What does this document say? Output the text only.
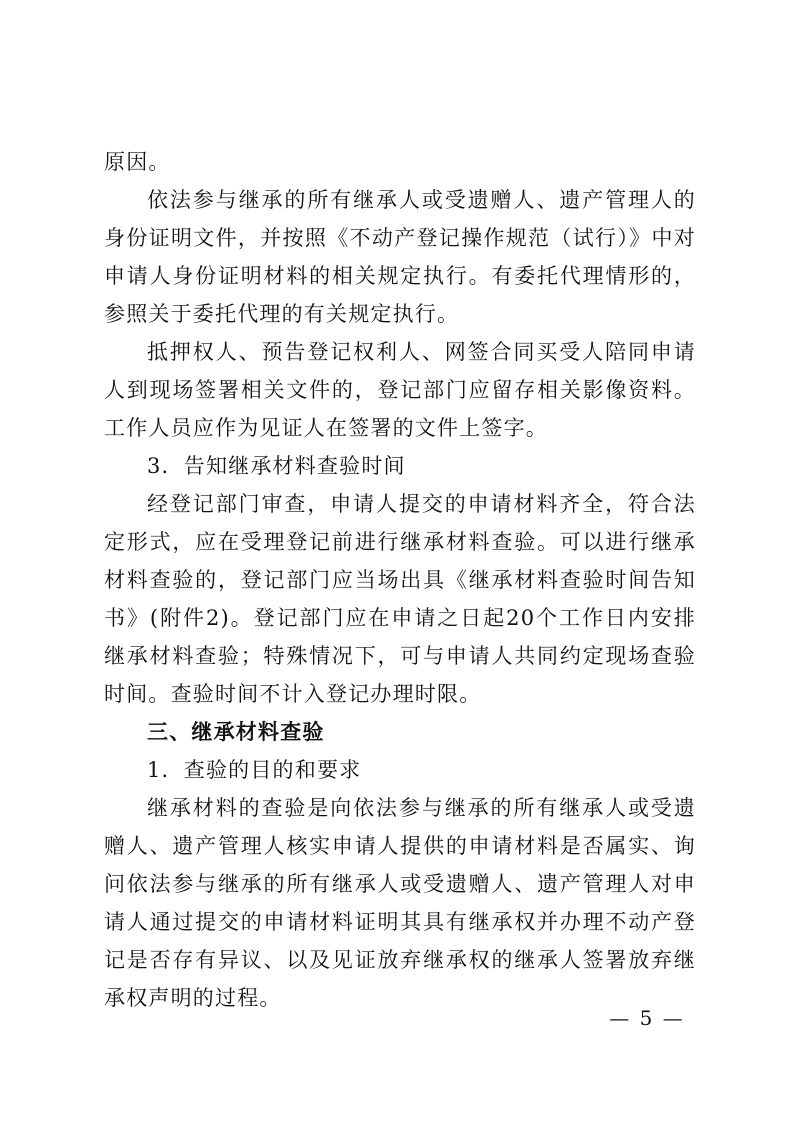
原因。

依法参与继承的所有继承人或受遗赠人、遗产管理人的身份证明文件，并按照《不动产登记操作规范（试行）》中对申请人身份证明材料的相关规定执行。有委托代理情形的，参照关于委托代理的有关规定执行。

抵押权人、预告登记权利人、网签合同买受人陪同申请人到现场签署相关文件的，登记部门应留存相关影像资料。工作人员应作为见证人在签署的文件上签字。

3．告知继承材料查验时间

经登记部门审查，申请人提交的申请材料齐全，符合法定形式，应在受理登记前进行继承材料查验。可以进行继承材料查验的，登记部门应当场出具《继承材料查验时间告知书》(附件2)。登记部门应在申请之日起20个工作日内安排继承材料查验；特殊情况下，可与申请人共同约定现场查验时间。查验时间不计入登记办理时限。

三、继承材料查验

1．查验的目的和要求

继承材料的查验是向依法参与继承的所有继承人或受遗赠人、遗产管理人核实申请人提供的申请材料是否属实、询问依法参与继承的所有继承人或受遗赠人、遗产管理人对申请人通过提交的申请材料证明其具有继承权并办理不动产登记是否存有异议、以及见证放弃继承权的继承人签署放弃继承权声明的过程。

— 5 —
